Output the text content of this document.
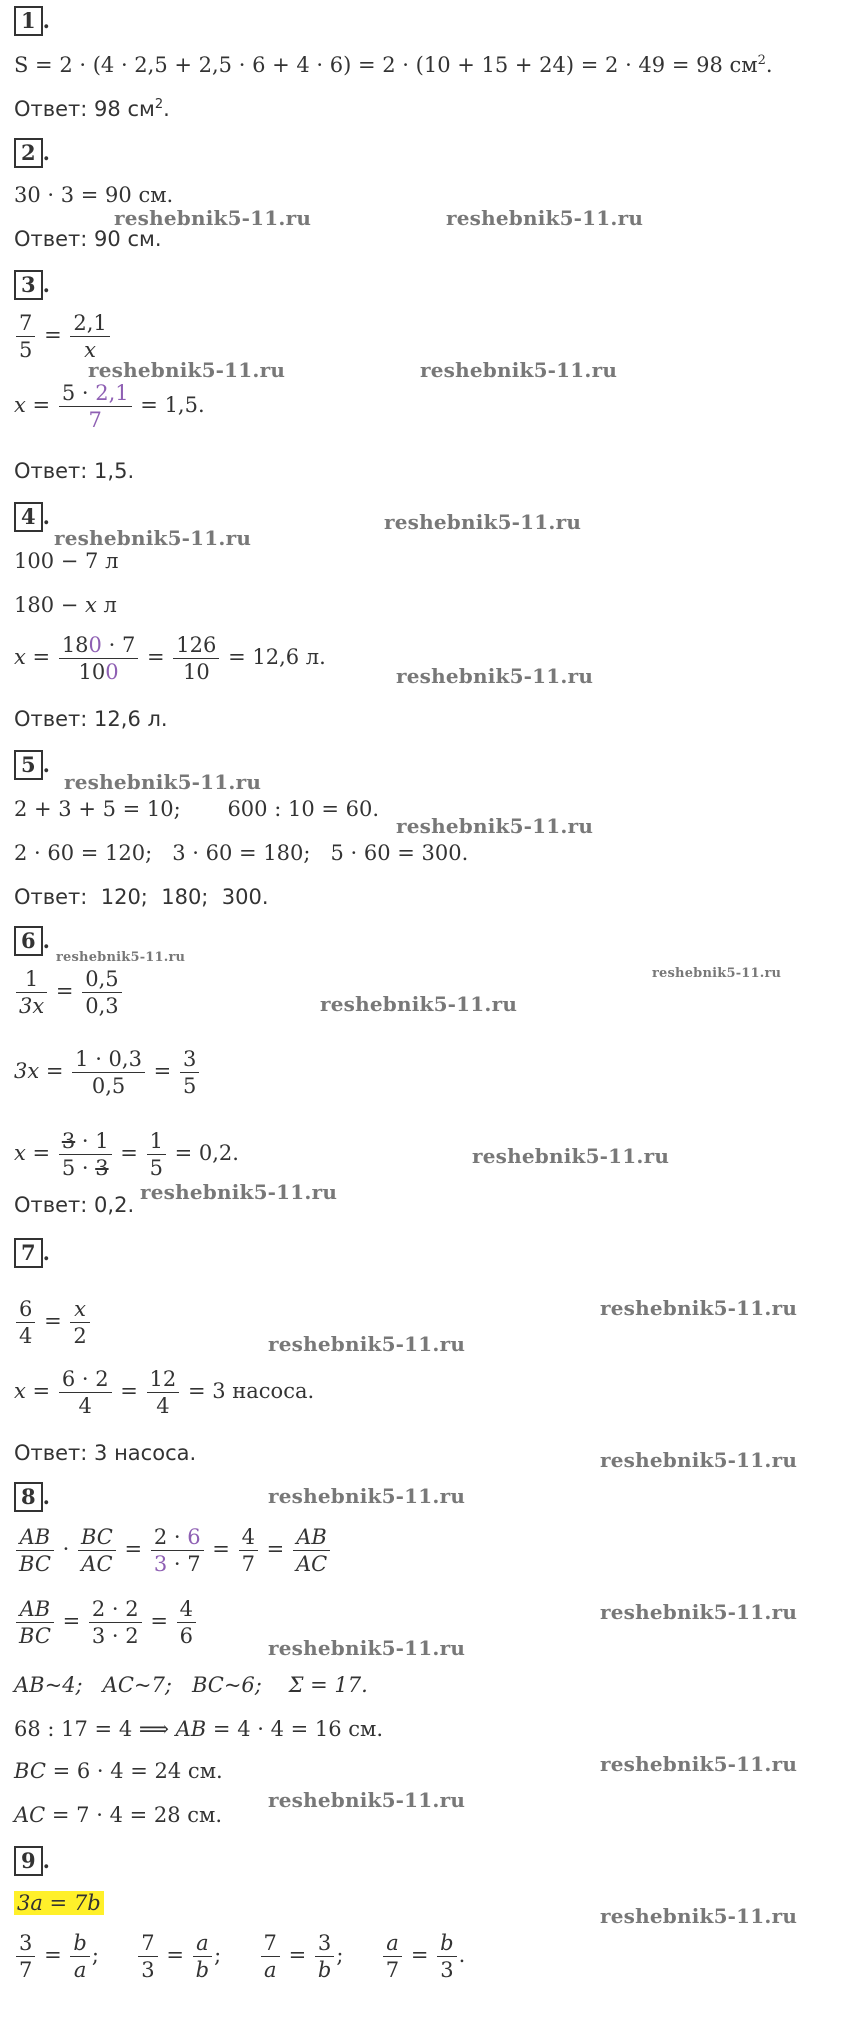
1 .
S = 2 · (4 · 2,5 + 2,5 · 6 + 4 · 6) = 2 · (10 + 15 + 24) = 2 · 49 = 98 $см^2$.
Ответ: 98 $см^2$.
2 .
30 · 3 = 90 см.
Ответ: 90 см.
3 .
$\frac{7}{5} = \frac{2,1}{x}$
$x = \frac{5 \cdot 2,1}{7} = 1,5$.
Ответ: 1,5.
4 .
100 − 7 л
180 − x л
$x = \frac{180 \cdot 7}{100} = \frac{126}{10} = 12,6$ л.
Ответ: 12,6 л.
5 .
2 + 3 + 5 = 10;       600 : 10 = 60.
2 · 60 = 120;   3 · 60 = 180;   5 · 60 = 300.
Ответ:  120;  180;  300.
6 .
$\frac{1}{3x} = \frac{0,5}{0,3}$
$3x = \frac{1 \cdot 0,3}{0,5} = \frac{3}{5}$
$x = \frac{3 \cdot 1}{5 \cdot 3} = \frac{1}{5} = 0,2$.
Ответ: 0,2.
7 .
$\frac{6}{4} = \frac{x}{2}$
$x = \frac{6 \cdot 2}{4} = \frac{12}{4} = 3$ насоса.
Ответ: 3 насоса.
8 .
$\frac{AB}{BC} \cdot \frac{BC}{AC} = \frac{2 \cdot 6}{3 \cdot 7} = \frac{4}{7} = \frac{AB}{AC}$
$\frac{AB}{BC} = \frac{2 \cdot 2}{3 \cdot 2} = \frac{4}{6}$
AB~4;   AC~7;   BC~6;    Σ = 17.
68 : 17 = 4 ⟹ AB = 4 · 4 = 16 см.
BC = 6 · 4 = 24 см.
AC = 7 · 4 = 28 см.
9 .
3a = 7b
$\frac{3}{7} = \frac{b}{a}$ ; $\frac{7}{3} = \frac{a}{b}$ ; $\frac{7}{a} = \frac{3}{b}$ ; $\frac{a}{7} = \frac{b}{3}$ .
reshebnik5-11.ru	reshebnik5-11.ru
reshebnik5-11.ru	reshebnik5-11.ru
reshebnik5-11.ru
reshebnik5-11.ru
reshebnik5-11.ru
reshebnik5-11.ru
reshebnik5-11.ru
reshebnik5-11.ru
reshebnik5-11.ru
reshebnik5-11.ru
reshebnik5-11.ru
reshebnik5-11.ru
reshebnik5-11.ru
reshebnik5-11.ru
reshebnik5-11.ru
reshebnik5-11.ru
reshebnik5-11.ru
reshebnik5-11.ru
reshebnik5-11.ru
reshebnik5-11.ru
reshebnik5-11.ru
